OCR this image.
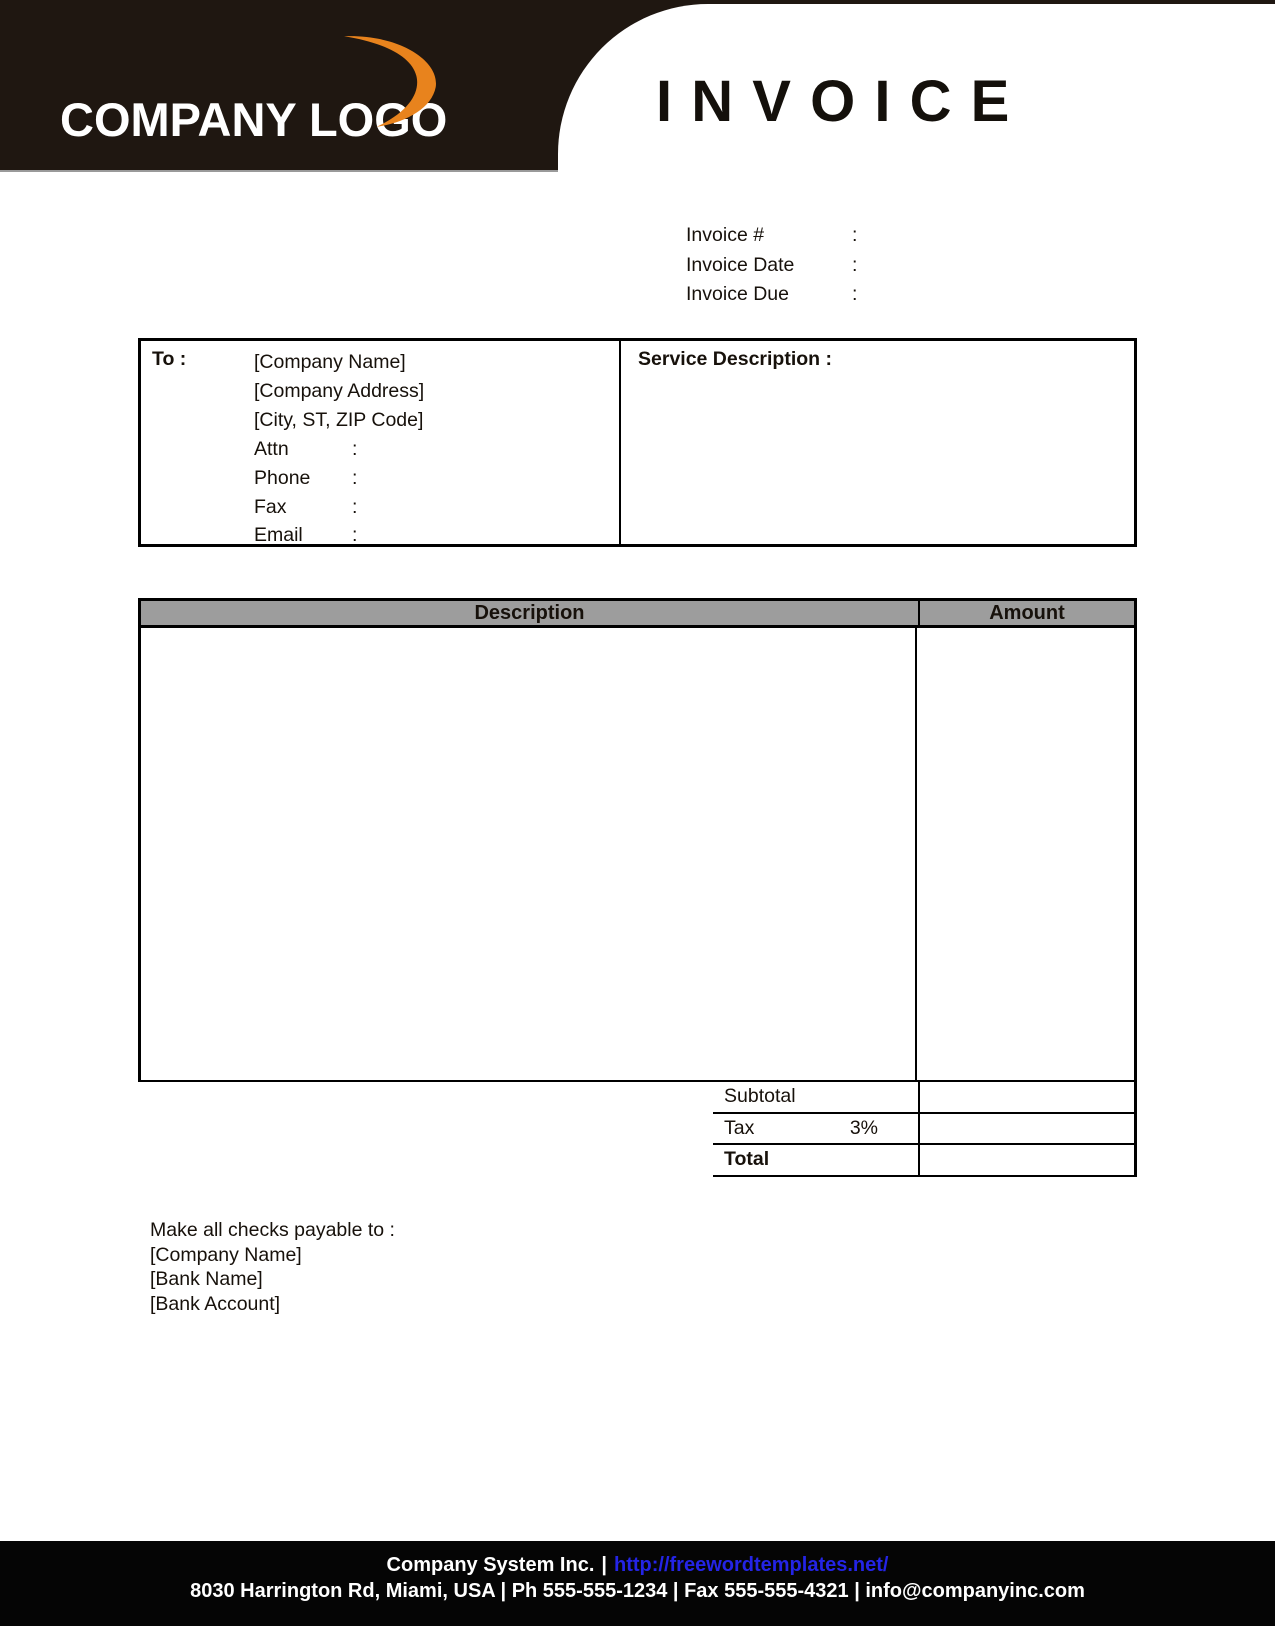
COMPANY LOGO	INVOICE
Invoice #	:
Invoice Date	:
Invoice Due	:
To :	[Company Name]
[Company Address]
[City, ST, ZIP Code]
Attn	:
Phone	:
Fax	:
Email	:
Service Description :
Description	Amount
Subtotal
Tax	3%
Total
Make all checks payable to :
[Company Name]
[Bank Name]
[Bank Account]
Company System Inc. | http://freewordtemplates.net/
8030 Harrington Rd, Miami, USA | Ph 555-555-1234 | Fax 555-555-4321 | info@companyinc.com
